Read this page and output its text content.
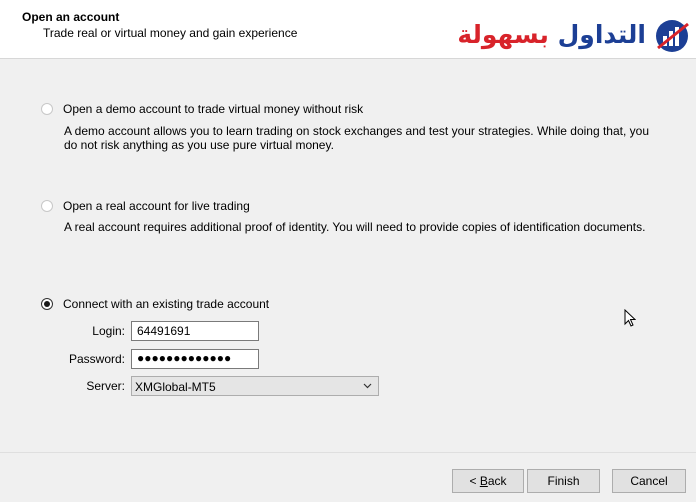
Open an account
Trade real or virtual money and gain experience	التداول بسهولة
Open a demo account to trade virtual money without risk
A demo account allows you to learn trading on stock exchanges and test your strategies. While doing that, you do not risk anything as you use pure virtual money.
Open a real account for live trading
A real account requires additional proof of identity. You will need to provide copies of identification documents.
Connect with an existing trade account
Login:
64491691
Password:	●●●●●●●●●●●●●
Server: XMGlobal-MT5
< Back	Finish	Cancel
